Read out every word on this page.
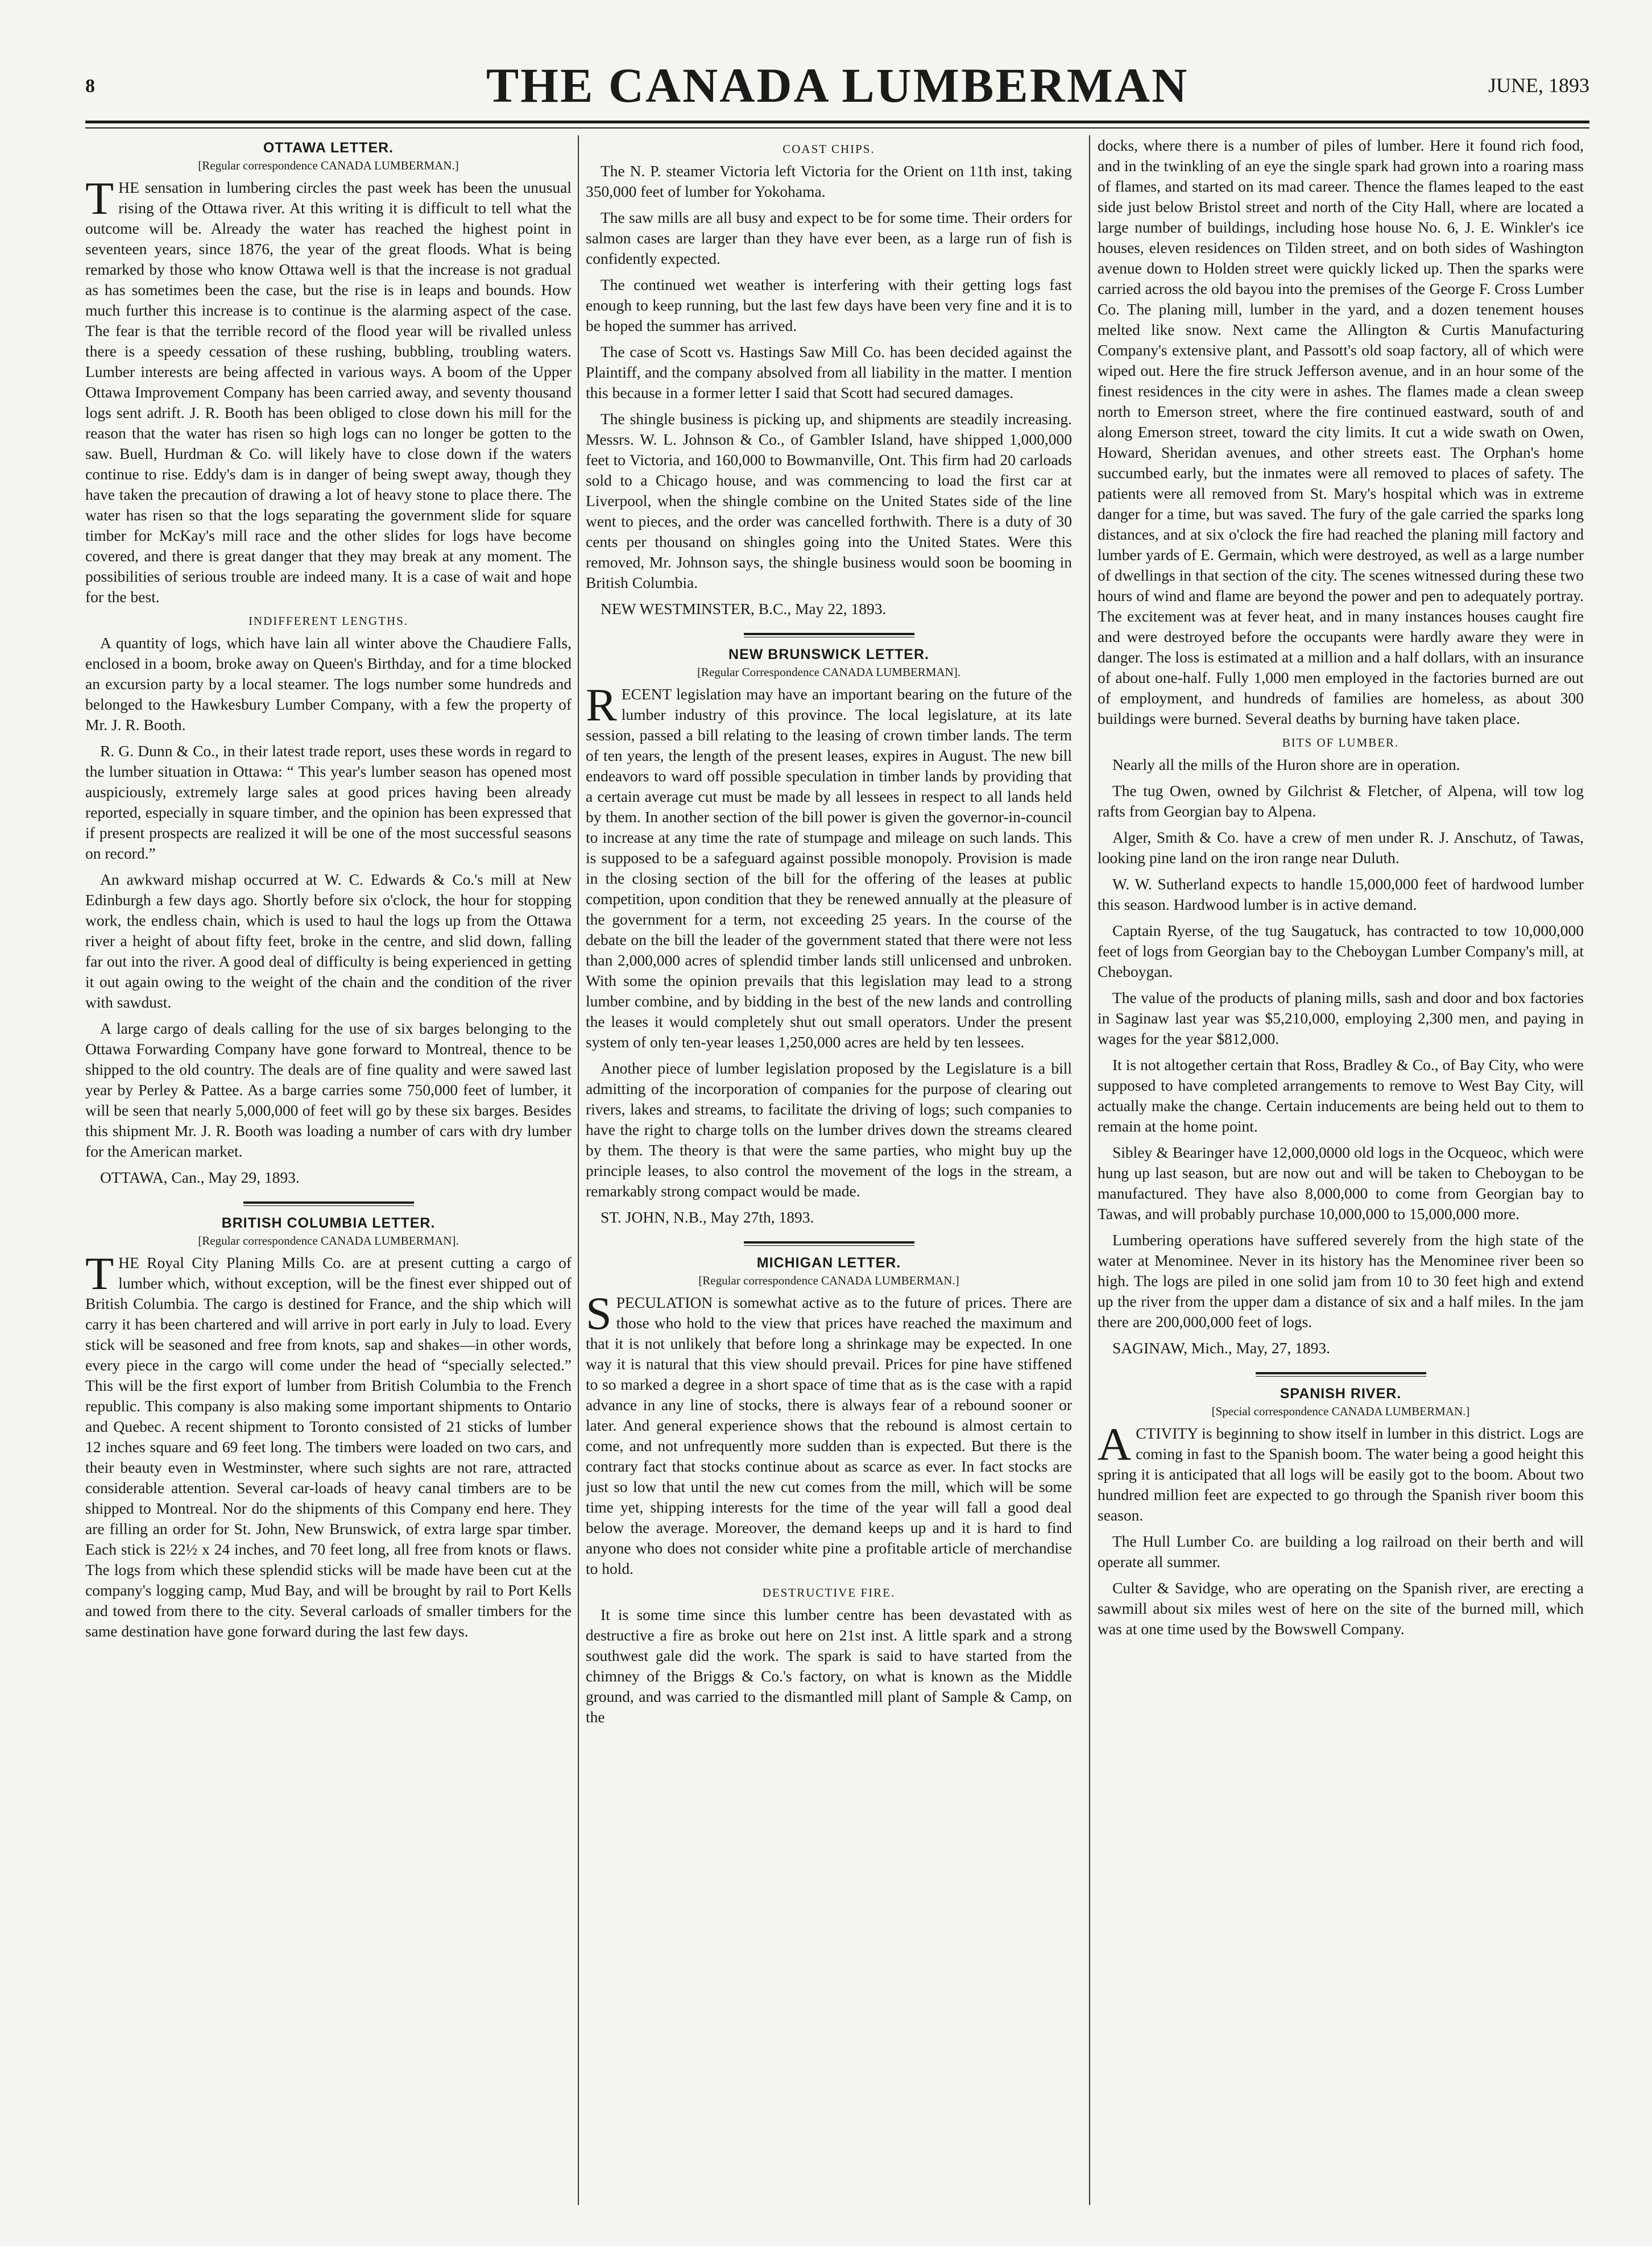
8	THE CANADA LUMBERMAN	JUNE, 1893
OTTAWA LETTER.
[Regular correspondence CANADA LUMBERMAN.]

THE sensation in lumbering circles the past week has been the unusual rising of the Ottawa river. At this writing it is difficult to tell what the outcome will be. Already the water has reached the highest point in seventeen years, since 1876, the year of the great floods. What is being remarked by those who know Ottawa well is that the increase is not gradual as has sometimes been the case, but the rise is in leaps and bounds. How much further this increase is to continue is the alarming aspect of the case. The fear is that the terrible record of the flood year will be rivalled unless there is a speedy cessation of these rushing, bubbling, troubling waters. Lumber interests are being affected in various ways. A boom of the Upper Ottawa Improvement Company has been carried away, and seventy thousand logs sent adrift. J. R. Booth has been obliged to close down his mill for the reason that the water has risen so high logs can no longer be gotten to the saw. Buell, Hurdman & Co. will likely have to close down if the waters continue to rise. Eddy's dam is in danger of being swept away, though they have taken the precaution of drawing a lot of heavy stone to place there. The water has risen so that the logs separating the government slide for square timber for McKay's mill race and the other slides for logs have become covered, and there is great danger that they may break at any moment. The possibilities of serious trouble are indeed many. It is a case of wait and hope for the best.

INDIFFERENT LENGTHS.

A quantity of logs, which have lain all winter above the Chaudiere Falls, enclosed in a boom, broke away on Queen's Birthday, and for a time blocked an excursion party by a local steamer. The logs number some hundreds and belonged to the Hawkesbury Lumber Company, with a few the property of Mr. J. R. Booth.

R. G. Dunn & Co., in their latest trade report, uses these words in regard to the lumber situation in Ottawa: “ This year's lumber season has opened most auspiciously, extremely large sales at good prices having been already reported, especially in square timber, and the opinion has been expressed that if present prospects are realized it will be one of the most successful seasons on record.”

An awkward mishap occurred at W. C. Edwards & Co.'s mill at New Edinburgh a few days ago. Shortly before six o'clock, the hour for stopping work, the endless chain, which is used to haul the logs up from the Ottawa river a height of about fifty feet, broke in the centre, and slid down, falling far out into the river. A good deal of difficulty is being experienced in getting it out again owing to the weight of the chain and the condition of the river with sawdust.

A large cargo of deals calling for the use of six barges belonging to the Ottawa Forwarding Company have gone forward to Montreal, thence to be shipped to the old country. The deals are of fine quality and were sawed last year by Perley & Pattee. As a barge carries some 750,000 feet of lumber, it will be seen that nearly 5,000,000 of feet will go by these six barges. Besides this shipment Mr. J. R. Booth was loading a number of cars with dry lumber for the American market.

OTTAWA, Can., May 29, 1893.

BRITISH COLUMBIA LETTER.
[Regular correspondence CANADA LUMBERMAN].

THE Royal City Planing Mills Co. are at present cutting a cargo of lumber which, without exception, will be the finest ever shipped out of British Columbia. The cargo is destined for France, and the ship which will carry it has been chartered and will arrive in port early in July to load. Every stick will be seasoned and free from knots, sap and shakes—in other words, every piece in the cargo will come under the head of “specially selected.” This will be the first export of lumber from British Columbia to the French republic. This company is also making some important shipments to Ontario and Quebec. A recent shipment to Toronto consisted of 21 sticks of lumber 12 inches square and 69 feet long. The timbers were loaded on two cars, and their beauty even in Westminster, where such sights are not rare, attracted considerable attention. Several car-loads of heavy canal timbers are to be shipped to Montreal. Nor do the shipments of this Company end here. They are filling an order for St. John, New Brunswick, of extra large spar timber. Each stick is 22½ x 24 inches, and 70 feet long, all free from knots or flaws. The logs from which these splendid sticks will be made have been cut at the company's logging camp, Mud Bay, and will be brought by rail to Port Kells and towed from there to the city. Several carloads of smaller timbers for the same destination have gone forward during the last few days.

COAST CHIPS.

The N. P. steamer Victoria left Victoria for the Orient on 11th inst, taking 350,000 feet of lumber for Yokohama.

The saw mills are all busy and expect to be for some time. Their orders for salmon cases are larger than they have ever been, as a large run of fish is confidently expected.

The continued wet weather is interfering with their getting logs fast enough to keep running, but the last few days have been very fine and it is to be hoped the summer has arrived.

The case of Scott vs. Hastings Saw Mill Co. has been decided against the Plaintiff, and the company absolved from all liability in the matter. I mention this because in a former letter I said that Scott had secured damages.

The shingle business is picking up, and shipments are steadily increasing. Messrs. W. L. Johnson & Co., of Gambler Island, have shipped 1,000,000 feet to Victoria, and 160,000 to Bowmanville, Ont. This firm had 20 carloads sold to a Chicago house, and was commencing to load the first car at Liverpool, when the shingle combine on the United States side of the line went to pieces, and the order was cancelled forthwith. There is a duty of 30 cents per thousand on shingles going into the United States. Were this removed, Mr. Johnson says, the shingle business would soon be booming in British Columbia.

NEW WESTMINSTER, B.C., May 22, 1893.

NEW BRUNSWICK LETTER.
[Regular Correspondence CANADA LUMBERMAN].

RECENT legislation may have an important bearing on the future of the lumber industry of this province. The local legislature, at its late session, passed a bill relating to the leasing of crown timber lands. The term of ten years, the length of the present leases, expires in August. The new bill endeavors to ward off possible speculation in timber lands by providing that a certain average cut must be made by all lessees in respect to all lands held by them. In another section of the bill power is given the governor-in-council to increase at any time the rate of stumpage and mileage on such lands. This is supposed to be a safeguard against possible monopoly. Provision is made in the closing section of the bill for the offering of the leases at public competition, upon condition that they be renewed annually at the pleasure of the government for a term, not exceeding 25 years. In the course of the debate on the bill the leader of the government stated that there were not less than 2,000,000 acres of splendid timber lands still unlicensed and unbroken. With some the opinion prevails that this legislation may lead to a strong lumber combine, and by bidding in the best of the new lands and controlling the leases it would completely shut out small operators. Under the present system of only ten-year leases 1,250,000 acres are held by ten lessees.

Another piece of lumber legislation proposed by the Legislature is a bill admitting of the incorporation of companies for the purpose of clearing out rivers, lakes and streams, to facilitate the driving of logs; such companies to have the right to charge tolls on the lumber drives down the streams cleared by them. The theory is that were the same parties, who might buy up the principle leases, to also control the movement of the logs in the stream, a remarkably strong compact would be made.

ST. JOHN, N.B., May 27th, 1893.

MICHIGAN LETTER.
[Regular correspondence CANADA LUMBERMAN.]

SPECULATION is somewhat active as to the future of prices. There are those who hold to the view that prices have reached the maximum and that it is not unlikely that before long a shrinkage may be expected. In one way it is natural that this view should prevail. Prices for pine have stiffened to so marked a degree in a short space of time that as is the case with a rapid advance in any line of stocks, there is always fear of a rebound sooner or later. And general experience shows that the rebound is almost certain to come, and not unfrequently more sudden than is expected. But there is the contrary fact that stocks continue about as scarce as ever. In fact stocks are just so low that until the new cut comes from the mill, which will be some time yet, shipping interests for the time of the year will fall a good deal below the average. Moreover, the demand keeps up and it is hard to find anyone who does not consider white pine a profitable article of merchandise to hold.

DESTRUCTIVE FIRE.

It is some time since this lumber centre has been devastated with as destructive a fire as broke out here on 21st inst. A little spark and a strong southwest gale did the work. The spark is said to have started from the chimney of the Briggs & Co.'s factory, on what is known as the Middle ground, and was carried to the dismantled mill plant of Sample & Camp, on the

docks, where there is a number of piles of lumber. Here it found rich food, and in the twinkling of an eye the single spark had grown into a roaring mass of flames, and started on its mad career. Thence the flames leaped to the east side just below Bristol street and north of the City Hall, where are located a large number of buildings, including hose house No. 6, J. E. Winkler's ice houses, eleven residences on Tilden street, and on both sides of Washington avenue down to Holden street were quickly licked up. Then the sparks were carried across the old bayou into the premises of the George F. Cross Lumber Co. The planing mill, lumber in the yard, and a dozen tenement houses melted like snow. Next came the Allington & Curtis Manufacturing Company's extensive plant, and Passott's old soap factory, all of which were wiped out. Here the fire struck Jefferson avenue, and in an hour some of the finest residences in the city were in ashes. The flames made a clean sweep north to Emerson street, where the fire continued eastward, south of and along Emerson street, toward the city limits. It cut a wide swath on Owen, Howard, Sheridan avenues, and other streets east. The Orphan's home succumbed early, but the inmates were all removed to places of safety. The patients were all removed from St. Mary's hospital which was in extreme danger for a time, but was saved. The fury of the gale carried the sparks long distances, and at six o'clock the fire had reached the planing mill factory and lumber yards of E. Germain, which were destroyed, as well as a large number of dwellings in that section of the city. The scenes witnessed during these two hours of wind and flame are beyond the power and pen to adequately portray. The excitement was at fever heat, and in many instances houses caught fire and were destroyed before the occupants were hardly aware they were in danger. The loss is estimated at a million and a half dollars, with an insurance of about one-half. Fully 1,000 men employed in the factories burned are out of employment, and hundreds of families are homeless, as about 300 buildings were burned. Several deaths by burning have taken place.

BITS OF LUMBER.

Nearly all the mills of the Huron shore are in operation.

The tug Owen, owned by Gilchrist & Fletcher, of Alpena, will tow log rafts from Georgian bay to Alpena.

Alger, Smith & Co. have a crew of men under R. J. Anschutz, of Tawas, looking pine land on the iron range near Duluth.

W. W. Sutherland expects to handle 15,000,000 feet of hardwood lumber this season. Hardwood lumber is in active demand.

Captain Ryerse, of the tug Saugatuck, has contracted to tow 10,000,000 feet of logs from Georgian bay to the Cheboygan Lumber Company's mill, at Cheboygan.

The value of the products of planing mills, sash and door and box factories in Saginaw last year was $5,210,000, employing 2,300 men, and paying in wages for the year $812,000.

It is not altogether certain that Ross, Bradley & Co., of Bay City, who were supposed to have completed arrangements to remove to West Bay City, will actually make the change. Certain inducements are being held out to them to remain at the home point.

Sibley & Bearinger have 12,000,0000 old logs in the Ocqueoc, which were hung up last season, but are now out and will be taken to Cheboygan to be manufactured. They have also 8,000,000 to come from Georgian bay to Tawas, and will probably purchase 10,000,000 to 15,000,000 more.

Lumbering operations have suffered severely from the high state of the water at Menominee. Never in its history has the Menominee river been so high. The logs are piled in one solid jam from 10 to 30 feet high and extend up the river from the upper dam a distance of six and a half miles. In the jam there are 200,000,000 feet of logs.

SAGINAW, Mich., May, 27, 1893.

SPANISH RIVER.
[Special correspondence CANADA LUMBERMAN.]

ACTIVITY is beginning to show itself in lumber in this district. Logs are coming in fast to the Spanish boom. The water being a good height this spring it is anticipated that all logs will be easily got to the boom. About two hundred million feet are expected to go through the Spanish river boom this season.

The Hull Lumber Co. are building a log railroad on their berth and will operate all summer.

Culter & Savidge, who are operating on the Spanish river, are erecting a sawmill about six miles west of here on the site of the burned mill, which was at one time used by the Bowswell Company.
